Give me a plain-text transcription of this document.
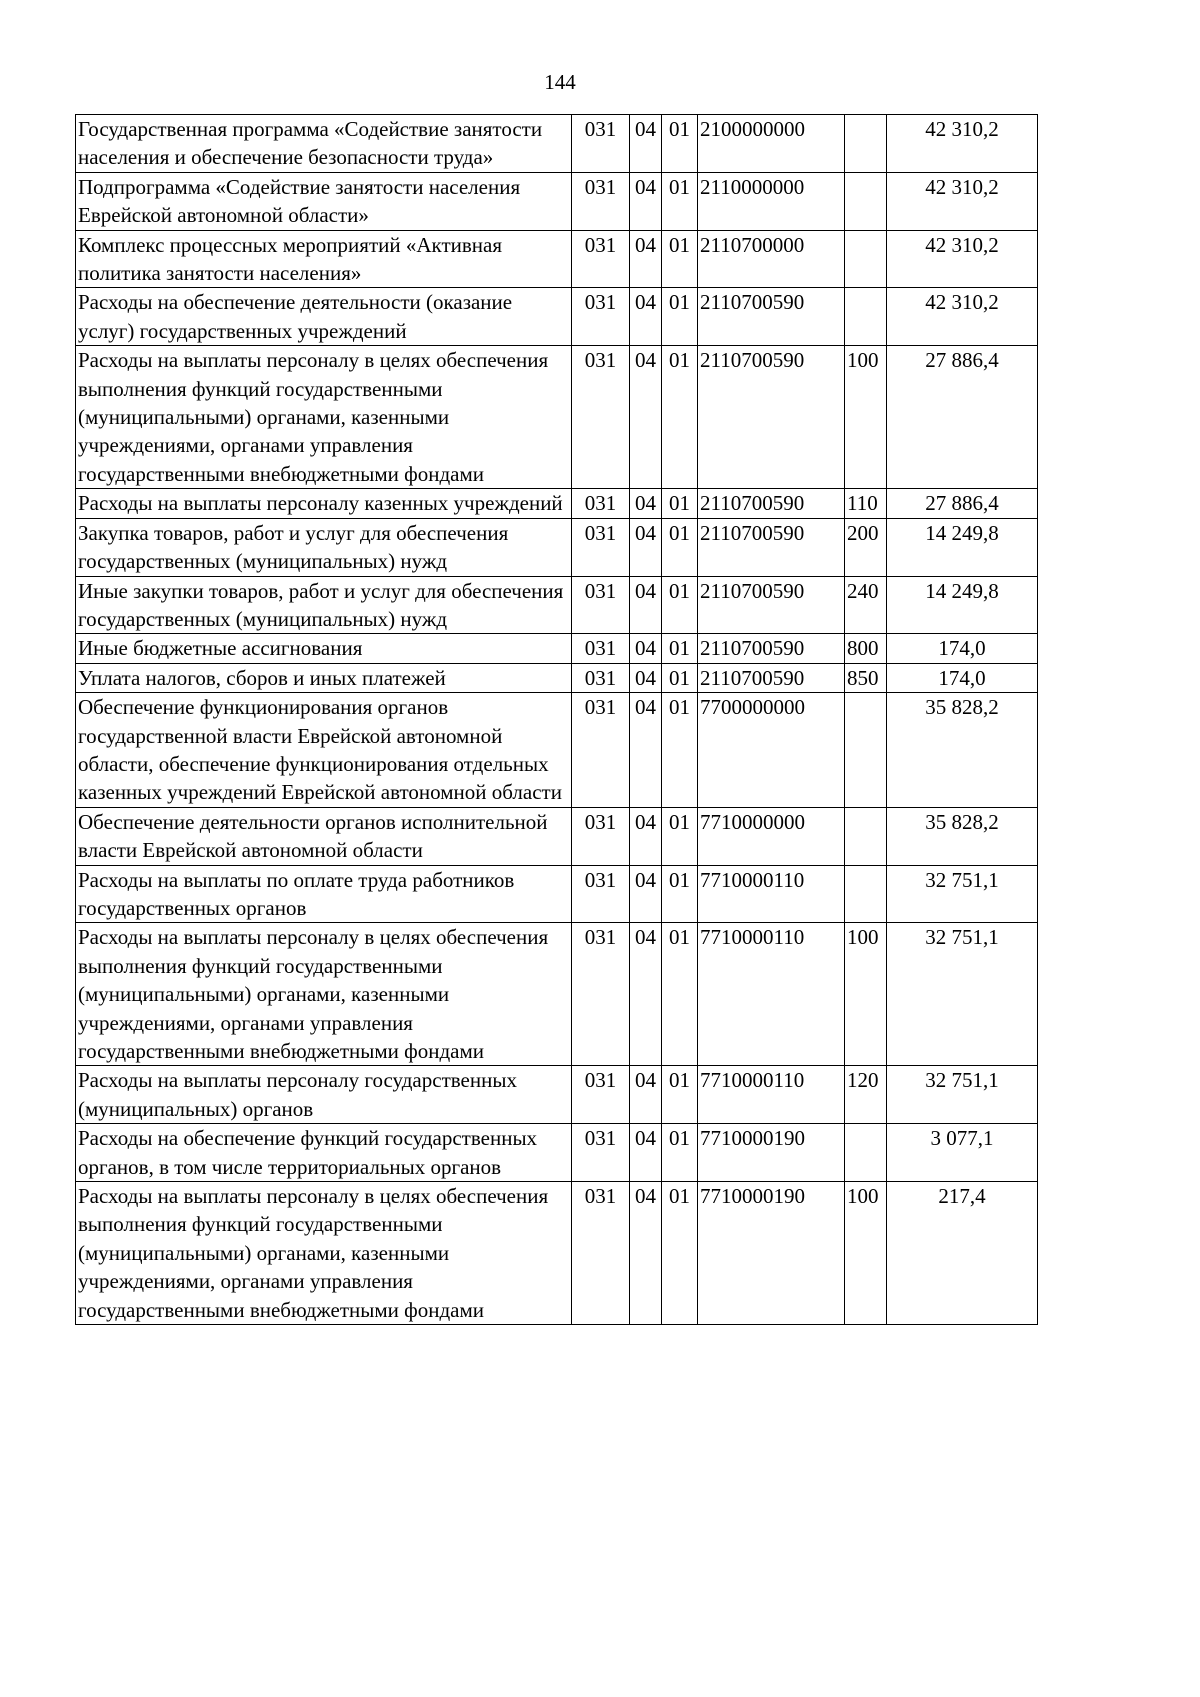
144
Государственная программа «Содействие занятости населения и обеспечение безопасности труда»	031	04	01	2100000000		42 310,2
Подпрограмма «Содействие занятости населения Еврейской автономной области»	031	04	01	2110000000		42 310,2
Комплекс процессных мероприятий «Активная политика занятости населения»	031	04	01	2110700000		42 310,2
Расходы на обеспечение деятельности (оказание услуг) государственных учреждений	031	04	01	2110700590		42 310,2
Расходы на выплаты персоналу в целях обеспечения выполнения функций государственными (муниципальными) органами, казенными учреждениями, органами управления государственными внебюджетными фондами	031	04	01	2110700590	100	27 886,4
Расходы на выплаты персоналу казенных учреждений	031	04	01	2110700590	110	27 886,4
Закупка товаров, работ и услуг для обеспечения государственных (муниципальных) нужд	031	04	01	2110700590	200	14 249,8
Иные закупки товаров, работ и услуг для обеспечения государственных (муниципальных) нужд	031	04	01	2110700590	240	14 249,8
Иные бюджетные ассигнования	031	04	01	2110700590	800	174,0
Уплата налогов, сборов и иных платежей	031	04	01	2110700590	850	174,0
Обеспечение функционирования органов государственной власти Еврейской автономной области, обеспечение функционирования отдельных казенных учреждений Еврейской автономной области	031	04	01	7700000000		35 828,2
Обеспечение деятельности органов исполнительной власти Еврейской автономной области	031	04	01	7710000000		35 828,2
Расходы на выплаты по оплате труда работников государственных органов	031	04	01	7710000110		32 751,1
Расходы на выплаты персоналу в целях обеспечения выполнения функций государственными (муниципальными) органами, казенными учреждениями, органами управления государственными внебюджетными фондами	031	04	01	7710000110	100	32 751,1
Расходы на выплаты персоналу государственных (муниципальных) органов	031	04	01	7710000110	120	32 751,1
Расходы на обеспечение функций государственных органов, в том числе территориальных органов	031	04	01	7710000190		3 077,1
Расходы на выплаты персоналу в целях обеспечения выполнения функций государственными (муниципальными) органами, казенными учреждениями, органами управления государственными внебюджетными фондами	031	04	01	7710000190	100	217,4
